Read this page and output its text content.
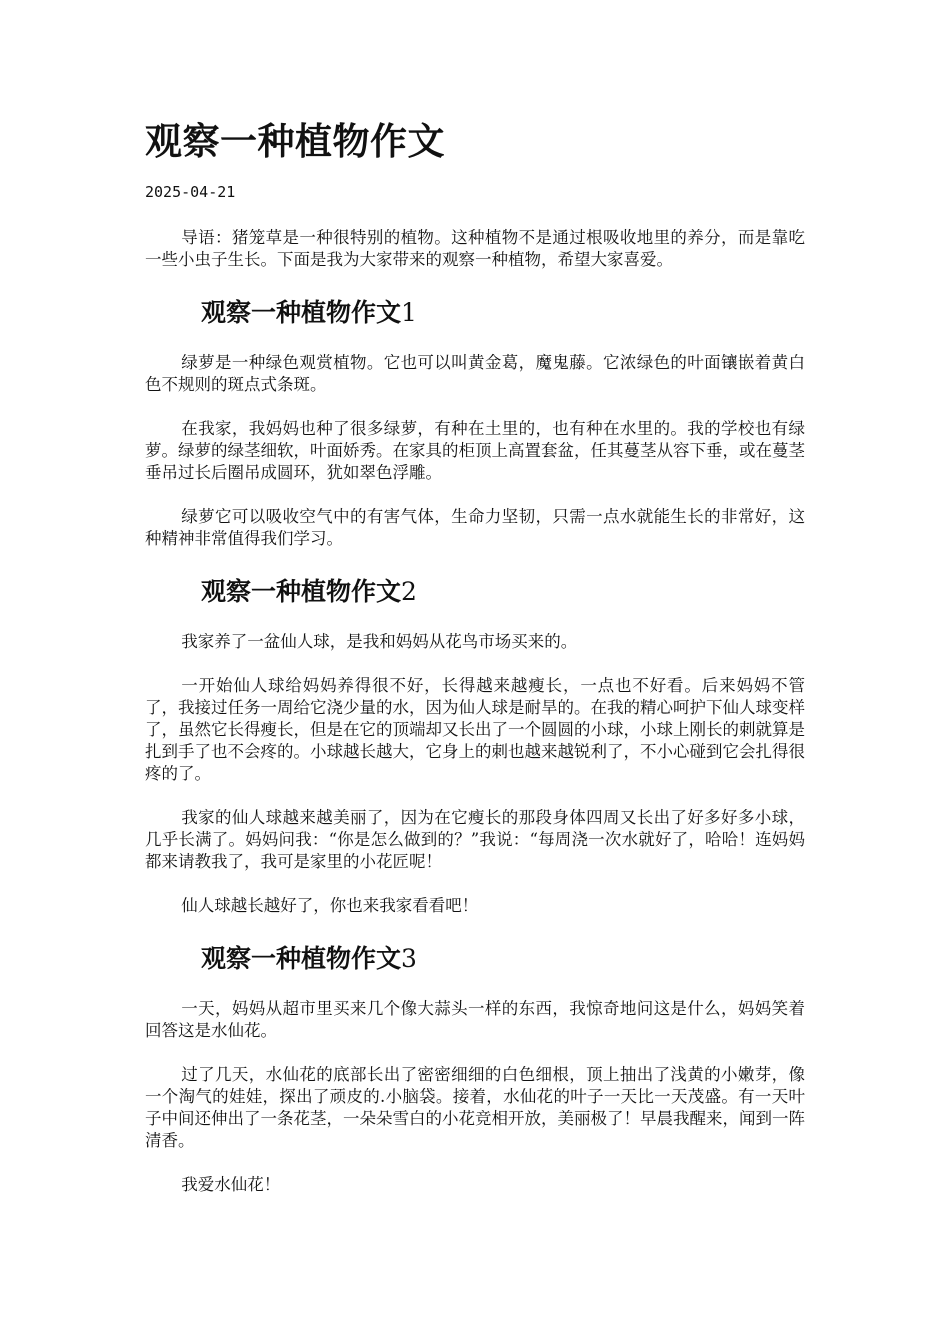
观察一种植物作文
2025-04-21

导语：猪笼草是一种很特别的植物。这种植物不是通过根吸收地里的养分，而是靠吃一些小虫子生长。下面是我为大家带来的观察一种植物，希望大家喜爱。

观察一种植物作文1

绿萝是一种绿色观赏植物。它也可以叫黄金葛，魔鬼藤。它浓绿色的叶面镶嵌着黄白色不规则的斑点式条斑。

在我家，我妈妈也种了很多绿萝，有种在土里的，也有种在水里的。我的学校也有绿萝。绿萝的绿茎细软，叶面娇秀。在家具的柜顶上高置套盆，任其蔓茎从容下垂，或在蔓茎垂吊过长后圈吊成圆环，犹如翠色浮雕。

绿萝它可以吸收空气中的有害气体，生命力坚韧，只需一点水就能生长的非常好，这种精神非常值得我们学习。

观察一种植物作文2

我家养了一盆仙人球，是我和妈妈从花鸟市场买来的。

一开始仙人球给妈妈养得很不好，长得越来越瘦长，一点也不好看。后来妈妈不管了，我接过任务一周给它浇少量的水，因为仙人球是耐旱的。在我的精心呵护下仙人球变样了，虽然它长得瘦长，但是在它的顶端却又长出了一个圆圆的小球，小球上刚长的刺就算是扎到手了也不会疼的。小球越长越大，它身上的刺也越来越锐利了，不小心碰到它会扎得很疼的了。

我家的仙人球越来越美丽了，因为在它瘦长的那段身体四周又长出了好多好多小球，几乎长满了。妈妈问我：“你是怎么做到的？”我说：“每周浇一次水就好了，哈哈！连妈妈都来请教我了，我可是家里的小花匠呢！

仙人球越长越好了，你也来我家看看吧！

观察一种植物作文3

一天，妈妈从超市里买来几个像大蒜头一样的东西，我惊奇地问这是什么，妈妈笑着回答这是水仙花。

过了几天，水仙花的底部长出了密密细细的白色细根，顶上抽出了浅黄的小嫩芽，像一个淘气的娃娃，探出了顽皮的.小脑袋。接着，水仙花的叶子一天比一天茂盛。有一天叶子中间还伸出了一条花茎，一朵朵雪白的小花竞相开放，美丽极了！早晨我醒来，闻到一阵清香。

我爱水仙花！
